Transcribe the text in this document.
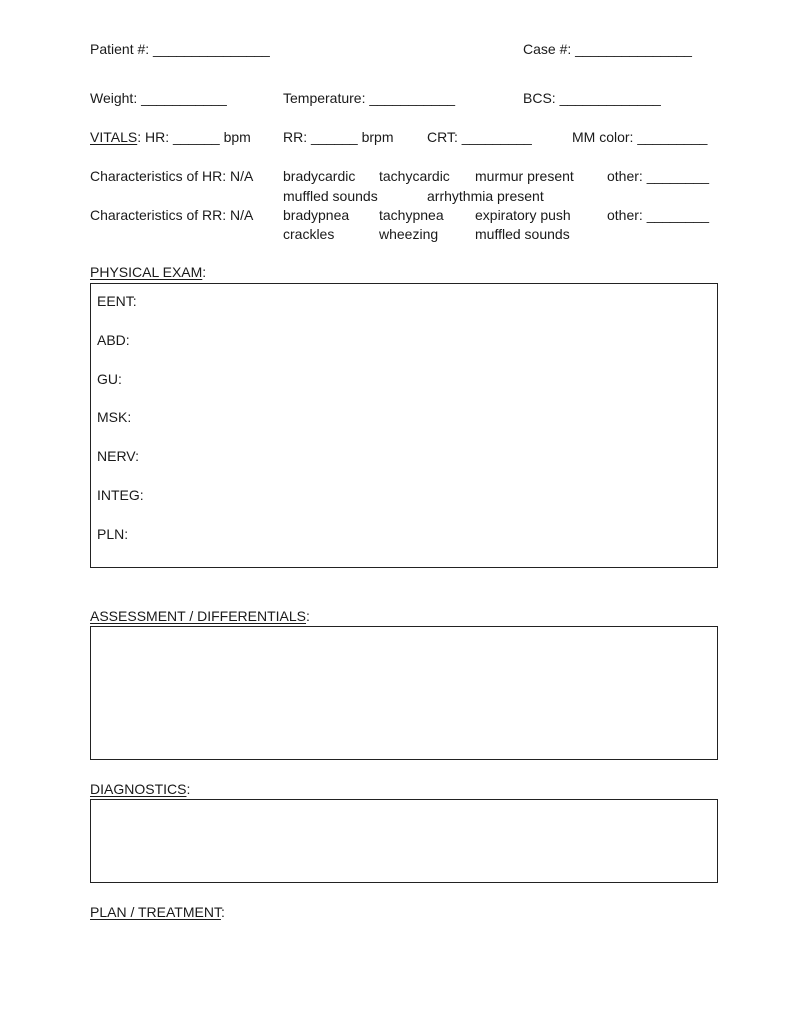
Patient #: _______________	Case #: _______________
Weight: ___________	Temperature: ___________	BCS: _____________
VITALS: HR: ______ bpm RR: ______ brpm CRT: _________	MM color: _________
Characteristics of HR: N/A bradycardic tachycardic murmur present other: ________
muffled sounds	arrhythmia present
Characteristics of RR: N/A bradypnea tachypnea expiratory push	other: ________
crackles	wheezing	muffled sounds
PHYSICAL EXAM:
EENT:
ABD:
GU:
MSK:
NERV:
INTEG:
PLN:
ASSESSMENT / DIFFERENTIALS:
DIAGNOSTICS:
PLAN / TREATMENT:
